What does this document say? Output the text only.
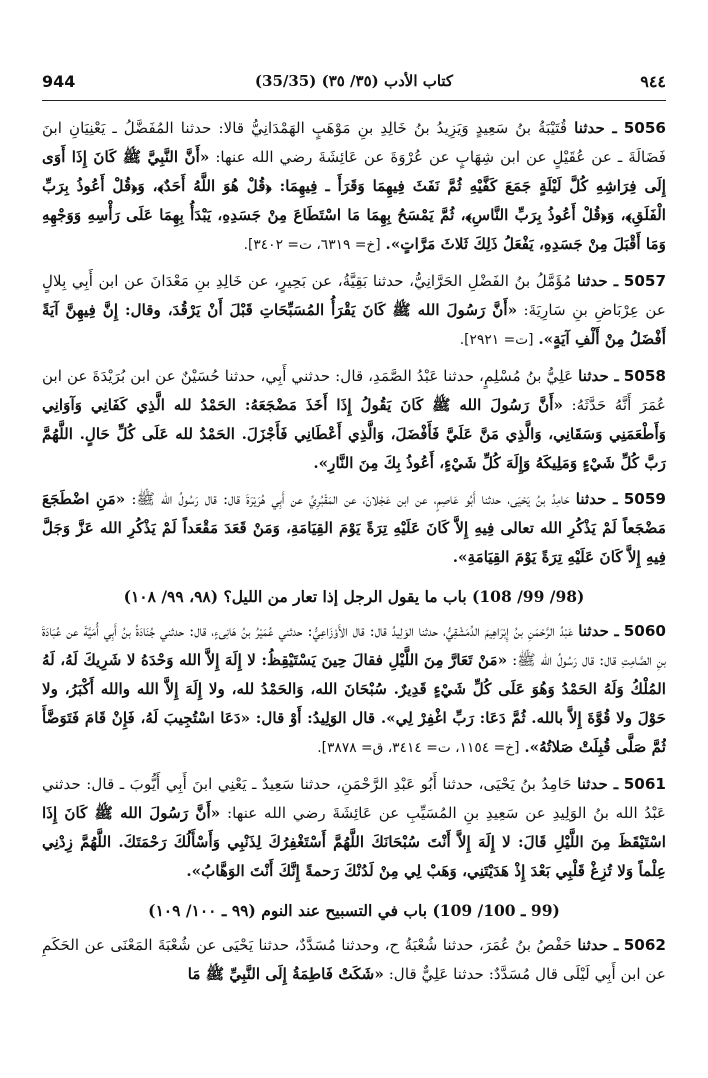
944	(35/35) كتاب الأدب (٣٥/ ٣٥)	٩٤٤

5056 ـ حدثنا قُتَيْبَةُ بنُ سَعِيدٍ وَيَزِيدُ بنُ خَالِدِ بنِ مَوْهَبٍ الهَمْدَانِيُّ قالا: حدثنا المُفَضَّلُ ـ يَعْنِيَانِ ابنَ فَضَالَةَ ـ عن عُقَيْلٍ عن ابن شِهَابٍ عن عُرْوَةَ عن عَائِشَةَ رضي الله عنها: «أَنَّ النَّبِيَّ ﷺ كَانَ إِذَا أَوَى إِلَى فِرَاشِهِ كُلَّ لَيْلَةٍ جَمَعَ كَفَّيْهِ ثُمَّ نَفَثَ فِيهِمَا وَقَرَأَ ـ فِيهِمَا: ﴿قُلْ هُوَ اللَّهُ أَحَدٌ﴾، وَ﴿قُلْ أَعُوذُ بِرَبِّ الْفَلَقِ﴾، وَ﴿قُلْ أَعُوذُ بِرَبِّ النَّاسِ﴾، ثُمَّ يَمْسَحُ بِهِمَا مَا اسْتَطَاعَ مِنْ جَسَدِهِ، يَبْدَأُ بِهِمَا عَلَى رَأْسِهِ وَوَجْهِهِ وَمَا أَقْبَلَ مِنْ جَسَدِهِ، يَفْعَلُ ذَلِكَ ثَلاثَ مَرَّاتٍ». [خ= ٦٣١٩، ت= ٣٤٠٢].

5057 ـ حدثنا مُؤَمَّلُ بنُ الفَضْلِ الحَرَّانِيُّ، حدثنا بَقِيَّةُ، عن بَحِيرٍ، عن خَالِدِ بنِ مَعْدَانَ عن ابن أَبِي بِلالٍ عن عِرْبَاضِ بنِ سَارِيَةَ: «أَنَّ رَسُولَ الله ﷺ كَانَ يَقْرَأُ المُسَبِّحَاتِ قَبْلَ أَنْ يَرْقُدَ، وقال: إِنَّ فِيهِنَّ آيَةً أَفْضَلُ مِنْ أَلْفِ آيَةٍ». [ت= ٢٩٢١].

5058 ـ حدثنا عَلِيُّ بنُ مُسْلِمٍ، حدثنا عَبْدُ الصَّمَدِ، قال: حدثني أَبِي، حدثنا حُسَيْنٌ عن ابن بُرَيْدَةَ عن ابن عُمَرَ أَنَّهُ حَدَّثَهُ: «أَنَّ رَسُولَ الله ﷺ كَانَ يَقُولُ إِذَا أَخَذَ مَضْجَعَهُ: الحَمْدُ لله الَّذِي كَفَانِي وَآوَانِي وَأَطْعَمَنِي وَسَقَانِي، وَالَّذِي مَنَّ عَلَيَّ فَأَفْضَلَ، وَالَّذِي أَعْطَانِي فَأَجْزَلَ. الحَمْدُ لله عَلَى كُلِّ حَالٍ. اللَّهُمَّ رَبَّ كُلِّ شَيْءٍ وَمَلِيكَهُ وَإِلَهَ كُلِّ شَيْءٍ، أَعُوذُ بِكَ مِنَ النَّارِ».

5059 ـ حدثنا حَامِدُ بنُ يَحْيَى، حدثنا أَبُو عَاصِمٍ، عن ابن عَجْلانَ، عن المَقْبُرِيِّ عن أَبِي هُرَيْرَةَ قال: قال رَسُولُ الله ﷺ: «مَنِ اضْطَجَعَ مَضْجَعاً لَمْ يَذْكُرِ الله تعالى فِيهِ إِلاَّ كَانَ عَلَيْهِ تِرَةً يَوْمَ القِيَامَةِ، وَمَنْ قَعَدَ مَقْعَداً لَمْ يَذْكُرِ الله عَزَّ وَجَلَّ فِيهِ إِلاَّ كَانَ عَلَيْهِ تِرَةً يَوْمَ القِيَامَةِ».

(98/ 99/ 108) باب ما يقول الرجل إذا تعار من الليل؟ (٩٨، ٩٩/ ١٠٨)

5060 ـ حدثنا عَبْدُ الرَّحْمَنِ بنُ إِبْرَاهِيمَ الدِّمَشْقِيُّ، حدثنا الوَلِيدُ قال: قال الأَوْزَاعِيُّ: حدثني عُمَيْرُ بنُ هَانِىءٍ، قال: حدثني جُنَادَةُ بنُ أَبِي أُمَيَّةَ عن عُبَادَةَ بنِ الصَّامِتِ قال: قال رَسُولُ الله ﷺ: «مَنْ تَعَارَّ مِنَ اللَّيْلِ فقالَ حِينَ يَسْتَيْقِظُ: لا إِلَهَ إِلاَّ الله وَحْدَهُ لا شَرِيكَ لَهُ، لَهُ المُلْكُ وَلَهُ الحَمْدُ وَهُوَ عَلَى كُلِّ شَيْءٍ قَدِيرٌ. سُبْحَانَ الله، وَالحَمْدُ لله، ولا إِلَهَ إِلاَّ الله والله أَكْبَرُ، ولا حَوْلَ ولا قُوَّةَ إِلاَّ بالله. ثُمَّ دَعَا: رَبِّ اغْفِرْ لِي». قال الوَلِيدُ: أَوْ قال: «دَعَا اسْتُجِيبَ لَهُ، فَإِنْ قَامَ فَتَوَضَّأَ ثُمَّ صَلَّى قُبِلَتْ صَلاتُهُ». [خ= ١١٥٤، ت= ٣٤١٤، ق= ٣٨٧٨].

5061 ـ حدثنا حَامِدُ بنُ يَحْيَى، حدثنا أَبُو عَبْدِ الرَّحْمَنِ، حدثنا سَعِيدٌ ـ يَعْنِي ابنَ أَبِي أَيُّوبَ ـ قال: حدثني عَبْدُ الله بنُ الوَلِيدِ عن سَعِيدِ بنِ المُسَيِّبِ عن عَائِشَةَ رضي الله عنها: «أَنَّ رَسُولَ الله ﷺ كَانَ إِذَا اسْتَيْقَظَ مِنَ اللَّيْلِ قَالَ: لا إِلَهَ إِلاَّ أَنْتَ سُبْحَانَكَ اللَّهُمَّ أَسْتَغْفِرُكَ لِذَنْبِي وَأَسْأَلُكَ رَحْمَتَكَ. اللَّهُمَّ زِدْنِي عِلْماً وَلا تُزِغْ قَلْبِي بَعْدَ إِذْ هَدَيْتَنِي، وَهَبْ لِي مِنْ لَدُنْكَ رَحمةً إِنَّكَ أَنْتَ الوَهَّابُ».

(99 ـ 100/ 109) باب في التسبيح عند النوم (٩٩ ـ ١٠٠/ ١٠٩)

5062 ـ حدثنا حَفْصُ بنُ عُمَرَ، حدثنا شُعْبَةُ ح، وحدثنا مُسَدَّدٌ، حدثنا يَحْيَى عن شُعْبَةَ المَعْنَى عن الحَكَمِ عن ابن أَبِي لَيْلَى قال مُسَدَّدٌ: حدثنا عَلِيٌّ قال: «شَكَتْ فَاطِمَةُ إِلَى النَّبِيِّ ﷺ مَا
